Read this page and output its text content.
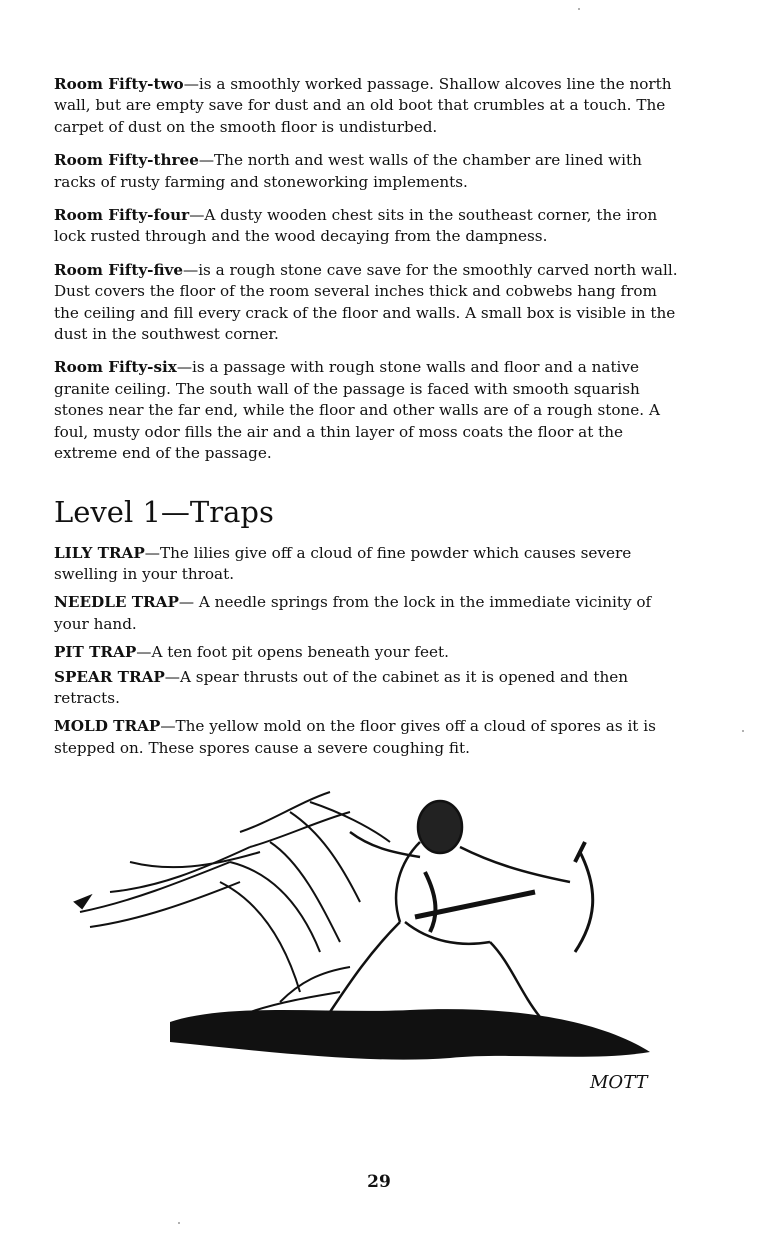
Room Fifty-two—is a smoothly worked passage. Shallow alcoves line the north wall, but are empty save for dust and an old boot that crumbles at a touch. The carpet of dust on the smooth floor is undisturbed.

Room Fifty-three—The north and west walls of the chamber are lined with racks of rusty farming and stoneworking implements.

Room Fifty-four—A dusty wooden chest sits in the southeast corner, the iron lock rusted through and the wood decaying from the dampness.

Room Fifty-five—is a rough stone cave save for the smoothly carved north wall. Dust covers the floor of the room several inches thick and cobwebs hang from the ceiling and fill every crack of the floor and walls. A small box is visible in the dust in the southwest corner.

Room Fifty-six—is a passage with rough stone walls and floor and a native granite ceiling. The south wall of the passage is faced with smooth squarish stones near the far end, while the floor and other walls are of a rough stone. A foul, musty odor fills the air and a thin layer of moss coats the floor at the extreme end of the passage.

Level 1—Traps

LILY TRAP—The lilies give off a cloud of fine powder which causes severe swelling in your throat.

NEEDLE TRAP— A needle springs from the lock in the immediate vicinity of your hand.

PIT TRAP—A ten foot pit opens beneath your feet.

SPEAR TRAP—A spear thrusts out of the cabinet as it is opened and then retracts.

MOLD TRAP—The yellow mold on the floor gives off a cloud of spores as it is stepped on. These spores cause a severe coughing fit.

MOTT
29
